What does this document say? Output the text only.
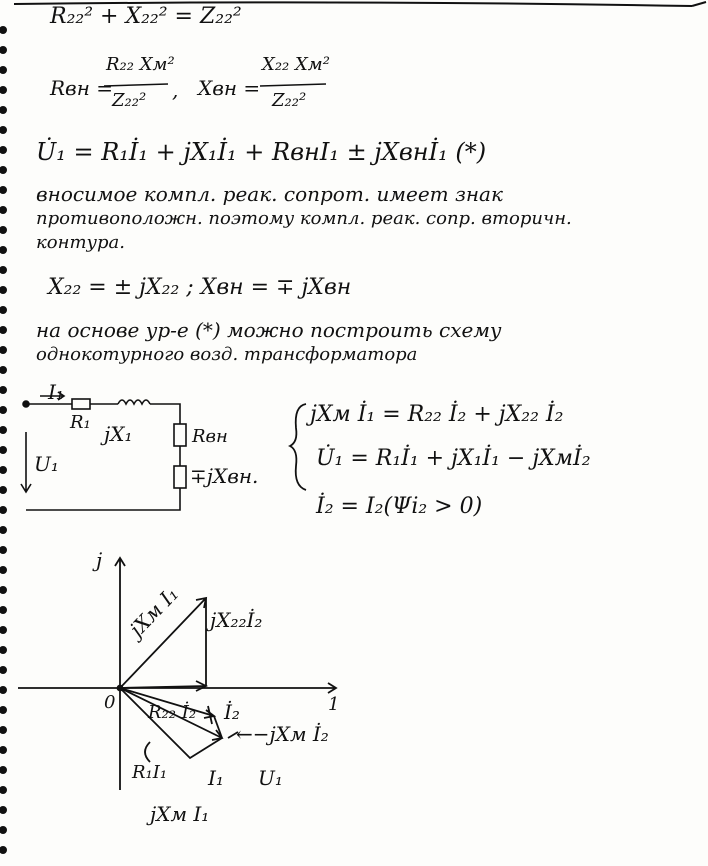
R₂₂² + X₂₂² = Z₂₂²
Rвн =
R₂₂ Xм²
Z₂₂² , Xвн =
X₂₂ Xм²
Z₂₂²
U̇₁ = R₁İ₁ + jX₁İ₁ + RвнI₁ ± jXвнİ₁ (*)
вносимое компл. реак. сопрот. имеет знак
противоположн. поэтому компл. реак. сопр. вторичн.
контура.
X₂₂ = ± jX₂₂ ; Xвн = ∓ jXвн
на основе ур-е (*) можно построить схему
однокотурного возд. трансформатора
I₁
R₁ jX₁	Rвн
∓jXвн.
U₁
jXм İ₁ = R₂₂ İ₂ + jX₂₂ İ₂
U̇₁ = R₁İ₁ + jX₁İ₁ − jXмİ₂
İ₂ = I₂(Ψi₂ > 0)
j
1
0
jXм I₁ jX₂₂İ₂
R₂₂ İ₂ İ₂
←−jXм İ₂
R₁I₁ I₁ U₁
jXм I₁
